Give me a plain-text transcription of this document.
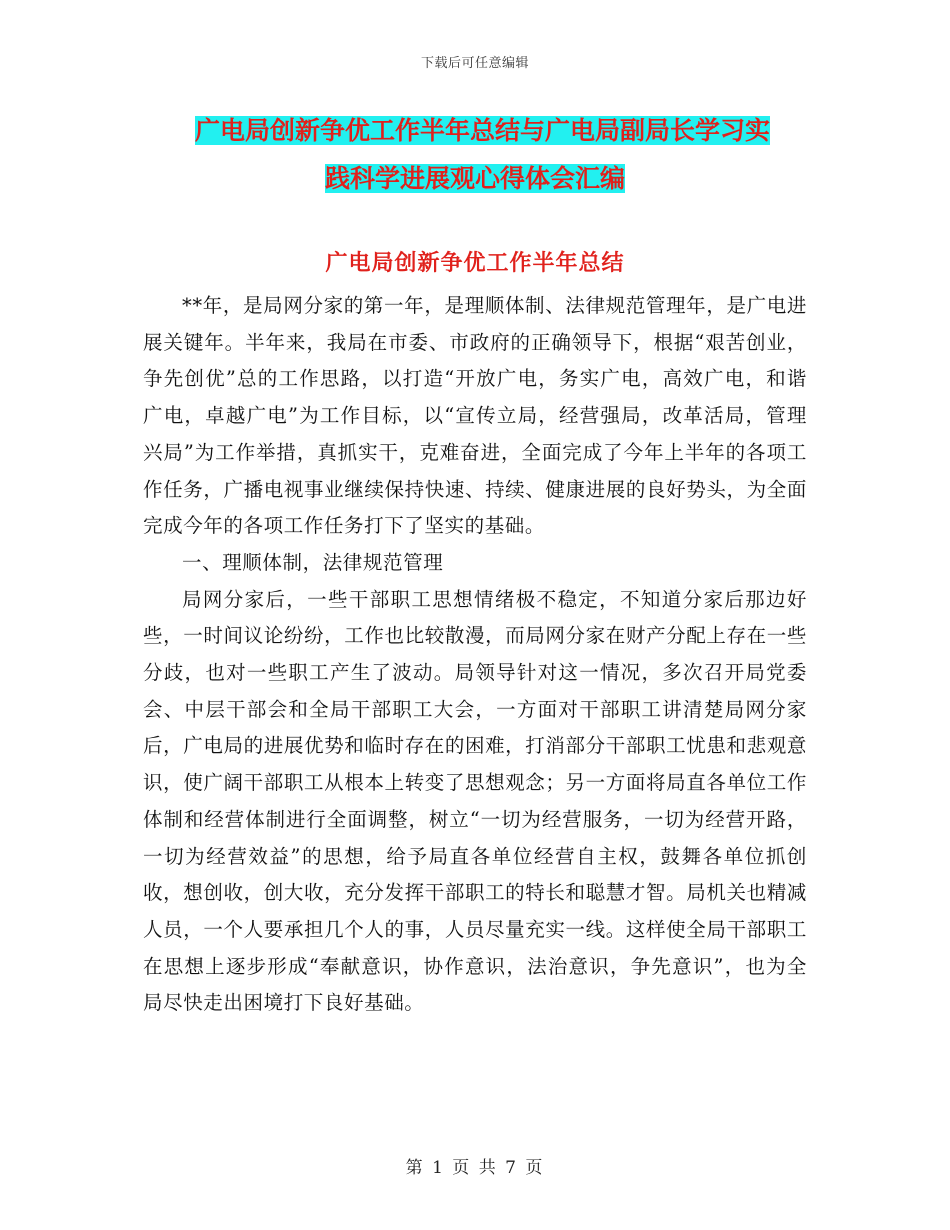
下载后可任意编辑
广电局创新争优工作半年总结与广电局副局长学习实
践科学进展观心得体会汇编
广电局创新争优工作半年总结

**年，是局网分家的第一年，是理顺体制、法律规范管理年，是广电进展关键年。半年来，我局在市委、市政府的正确领导下，根据“艰苦创业，争先创优”总的工作思路，以打造“开放广电，务实广电，高效广电，和谐广电，卓越广电”为工作目标，以“宣传立局，经营强局，改革活局，管理兴局”为工作举措，真抓实干，克难奋进，全面完成了今年上半年的各项工作任务，广播电视事业继续保持快速、持续、健康进展的良好势头，为全面完成今年的各项工作任务打下了坚实的基础。

一、理顺体制，法律规范管理

局网分家后，一些干部职工思想情绪极不稳定，不知道分家后那边好些，一时间议论纷纷，工作也比较散漫，而局网分家在财产分配上存在一些分歧，也对一些职工产生了波动。局领导针对这一情况，多次召开局党委会、中层干部会和全局干部职工大会，一方面对干部职工讲清楚局网分家后，广电局的进展优势和临时存在的困难，打消部分干部职工忧患和悲观意识，使广阔干部职工从根本上转变了思想观念；另一方面将局直各单位工作体制和经营体制进行全面调整，树立“一切为经营服务，一切为经营开路，一切为经营效益”的思想，给予局直各单位经营自主权，鼓舞各单位抓创收，想创收，创大收，充分发挥干部职工的特长和聪慧才智。局机关也精减人员，一个人要承担几个人的事，人员尽量充实一线。这样使全局干部职工在思想上逐步形成“奉献意识，协作意识，法治意识，争先意识”，也为全局尽快走出困境打下良好基础。

第 1 页 共 7 页
